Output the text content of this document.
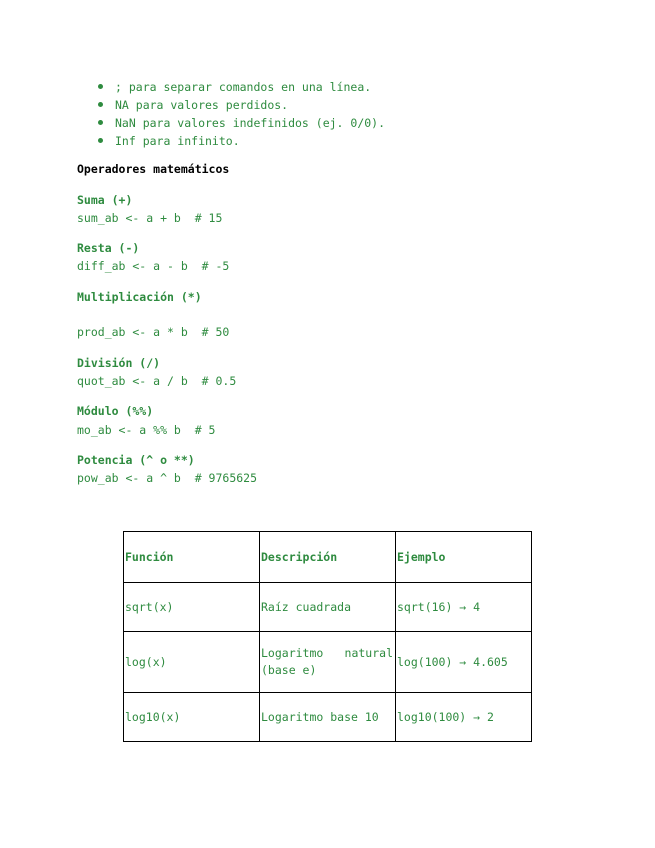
; para separar comandos en una línea.
NA para valores perdidos.
NaN para valores indefinidos (ej. 0/0).
Inf para infinito.
Operadores matemáticos
Suma (+)
sum_ab <- a + b  # 15
Resta (-)
diff_ab <- a - b  # -5
Multiplicación (*)
prod_ab <- a * b  # 50
División (/)
quot_ab <- a / b  # 0.5
Módulo (%%)
mo_ab <- a %% b  # 5
Potencia (^ o **)
pow_ab <- a ^ b  # 9765625
Función	Descripción	Ejemplo
sqrt(x)	Raíz cuadrada	sqrt(16) → 4
log(x)	Logaritmo natural (base e)	log(100) → 4.605
log10(x)	Logaritmo base 10	log10(100) → 2
